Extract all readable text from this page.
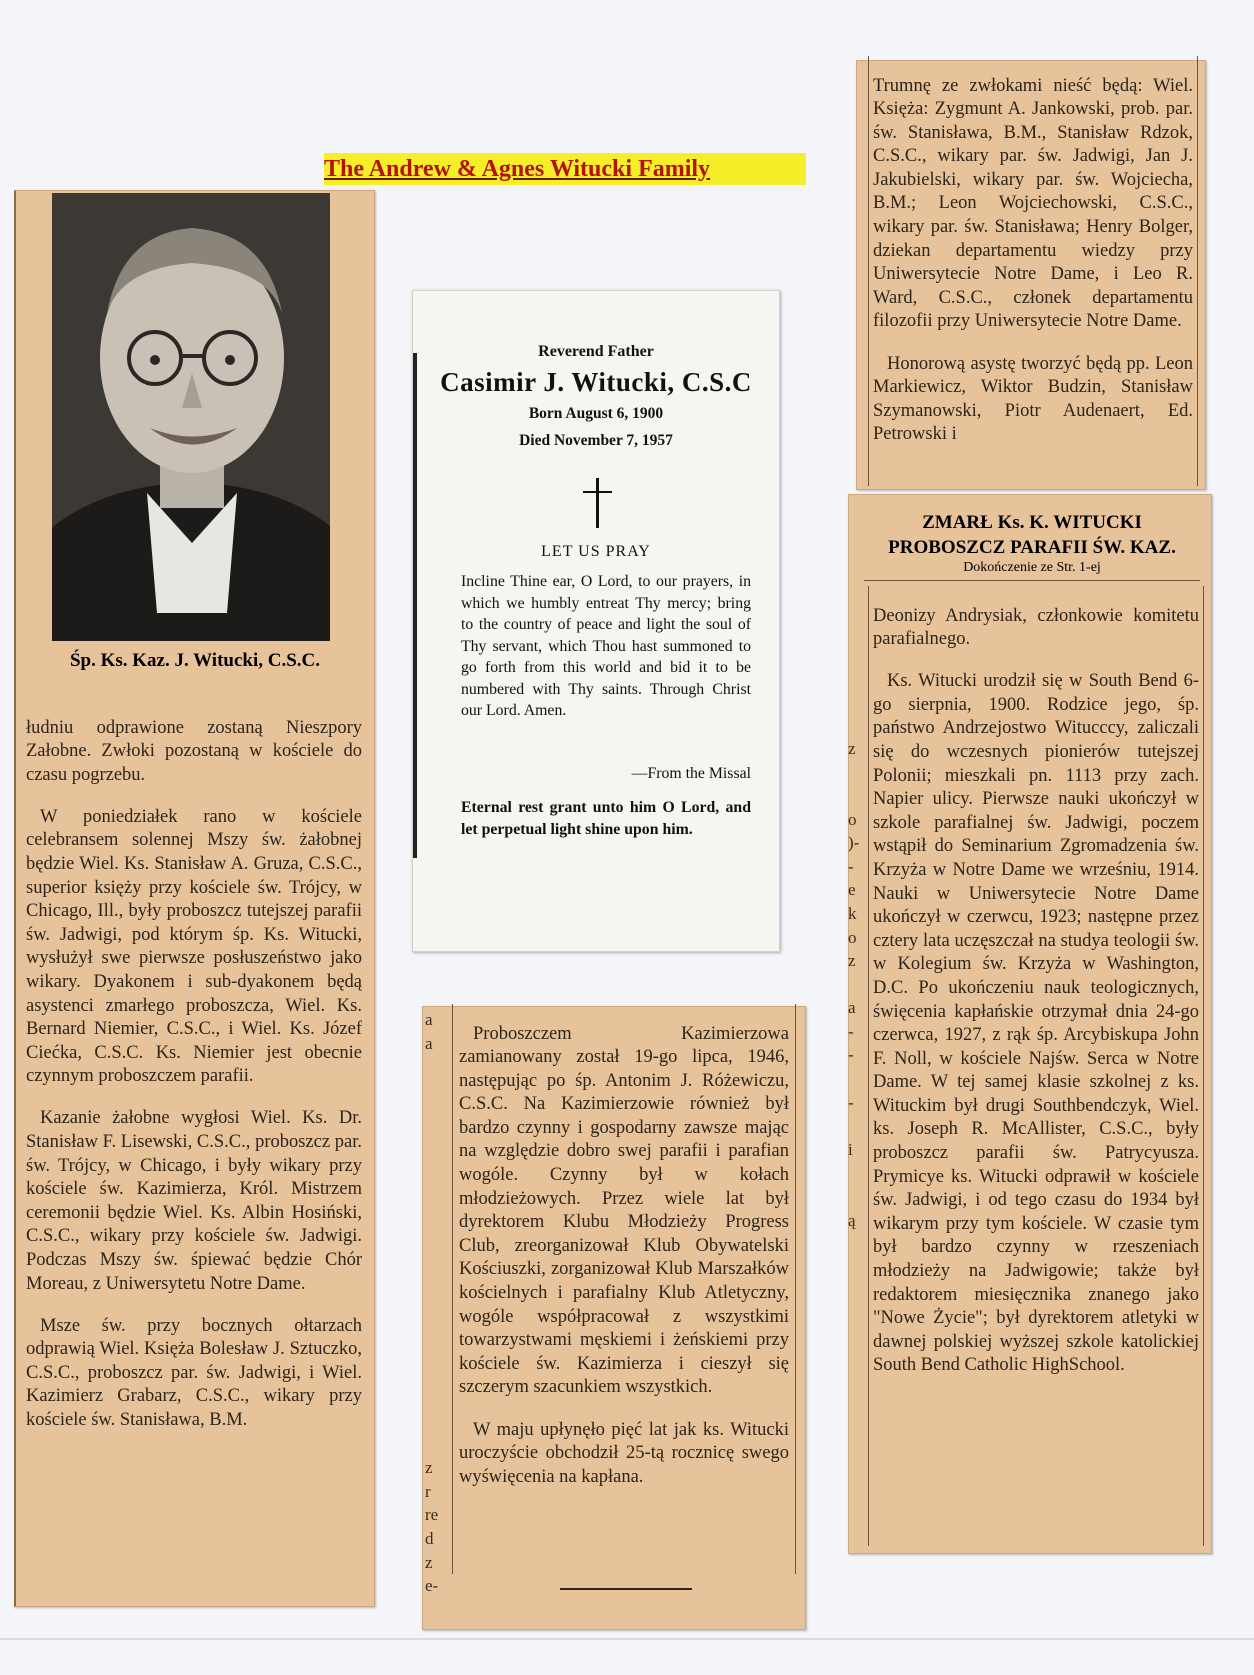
The Andrew & Agnes Witucki Family
Śp. Ks. Kaz. J. Witucki, C.S.C.

łudniu odprawione zostaną Nieszpory Załobne. Zwłoki pozostaną w kościele do czasu pogrzebu.

W poniedziałek rano w kościele celebransem solennej Mszy św. żałobnej będzie Wiel. Ks. Stanisław A. Gruza, C.S.C., superior księży przy kościele św. Trójcy, w Chicago, Ill., były proboszcz tutejszej parafii św. Jadwigi, pod którym śp. Ks. Witucki, wysłużył swe pierwsze posłuszeństwo jako wikary. Dyakonem i sub-dyakonem będą asystenci zmarłego proboszcza, Wiel. Ks. Bernard Niemier, C.S.C., i Wiel. Ks. Józef Ciećka, C.S.C. Ks. Niemier jest obecnie czynnym proboszczem parafii.

Kazanie żałobne wygłosi Wiel. Ks. Dr. Stanisław F. Lisewski, C.S.C., proboszcz par. św. Trójcy, w Chicago, i były wikary przy kościele św. Kazimierza, Król. Mistrzem ceremonii będzie Wiel. Ks. Albin Hosiński, C.S.C., wikary przy kościele św. Jadwigi. Podczas Mszy św. śpiewać będzie Chór Moreau, z Uniwersytetu Notre Dame.

Msze św. przy bocznych ołtarzach odprawią Wiel. Księża Bolesław J. Sztuczko, C.S.C., proboszcz par. św. Jadwigi, i Wiel. Kazimierz Grabarz, C.S.C., wikary przy kościele św. Stanisława, B.M.

Reverend Father
Casimir J. Witucki, C.S.C
Born August 6, 1900
Died November 7, 1957
LET US PRAY
Incline Thine ear, O Lord, to our prayers, in which we humbly entreat Thy mercy; bring to the country of peace and light the soul of Thy servant, which Thou hast summoned to go forth from this world and bid it to be numbered with Thy saints. Through Christ our Lord. Amen.
—From the Missal
Eternal rest grant unto him O Lord, and let perpetual light shine upon him.
a
a

z
r
re
d
z
e-

Proboszczem Kazimierzowa zamianowany został 19-go lipca, 1946, następując po śp. Antonim J. Różewiczu, C.S.C. Na Kazimierzowie również był bardzo czynny i gospodarny zawsze mając na względzie dobro swej parafii i parafian wogóle. Czynny był w kołach młodzieżowych. Przez wiele lat był dyrektorem Klubu Młodzieży Progress Club, zreorganizował Klub Obywatelski Kościuszki, zorganizował Klub Marszałków kościelnych i parafialny Klub Atletyczny, wogóle współpracował z wszystkimi towarzystwami męskiemi i żeńskiemi przy kościele św. Kazimierza i cieszył się szczerym szacunkiem wszystkich.

W maju upłynęło pięć lat jak ks. Witucki uroczyście obchodził 25-tą rocznicę swego wyświęcenia na kapłana.

Trumnę ze zwłokami nieść będą: Wiel. Księża: Zygmunt A. Jankowski, prob. par. św. Stanisława, B.M., Stanisław Rdzok, C.S.C., wikary par. św. Jadwigi, Jan J. Jakubielski, wikary par. św. Wojciecha, B.M.; Leon Wojciechowski, C.S.C., wikary par. św. Stanisława; Henry Bolger, dziekan departamentu wiedzy przy Uniwersytecie Notre Dame, i Leo R. Ward, C.S.C., członek departamentu filozofii przy Uniwersytecie Notre Dame.

Honorową asystę tworzyć będą pp. Leon Markiewicz, Wiktor Budzin, Stanisław Szymanowski, Piotr Audenaert, Ed. Petrowski i

z

o
)-
-
e
k
o
z

a
-
-

-

i

ą
ZMARŁ Ks. K. WITUCKI PROBOSZCZ PARAFII ŚW. KAZ.
Dokończenie ze Str. 1-ej

Deonizy Andrysiak, członkowie komitetu parafialnego.

Ks. Witucki urodził się w South Bend 6-go sierpnia, 1900. Rodzice jego, śp. państwo Andrzejostwo Witucccy, zaliczali się do wczesnych pionierów tutejszej Polonii; mieszkali pn. 1113 przy zach. Napier ulicy. Pierwsze nauki ukończył w szkole parafialnej św. Jadwigi, poczem wstąpił do Seminarium Zgromadzenia św. Krzyża w Notre Dame we wrześniu, 1914. Nauki w Uniwersytecie Notre Dame ukończył w czerwcu, 1923; następne przez cztery lata uczęszczał na studya teologii św. w Kolegium św. Krzyża w Washington, D.C. Po ukończeniu nauk teologicznych, święcenia kapłańskie otrzymał dnia 24-go czerwca, 1927, z rąk śp. Arcybiskupa John F. Noll, w kościele Najśw. Serca w Notre Dame. W tej samej klasie szkolnej z ks. Wituckim był drugi Southbendczyk, Wiel. ks. Joseph R. McAllister, C.S.C., były proboszcz parafii św. Patrycyusza. Prymicye ks. Witucki odprawił w kościele św. Jadwigi, i od tego czasu do 1934 był wikarym przy tym kościele. W czasie tym był bardzo czynny w rzeszeniach młodzieży na Jadwigowie; także był redaktorem miesięcznika znanego jako "Nowe Życie"; był dyrektorem atletyki w dawnej polskiej wyższej szkole katolickiej South Bend Catholic HighSchool.
